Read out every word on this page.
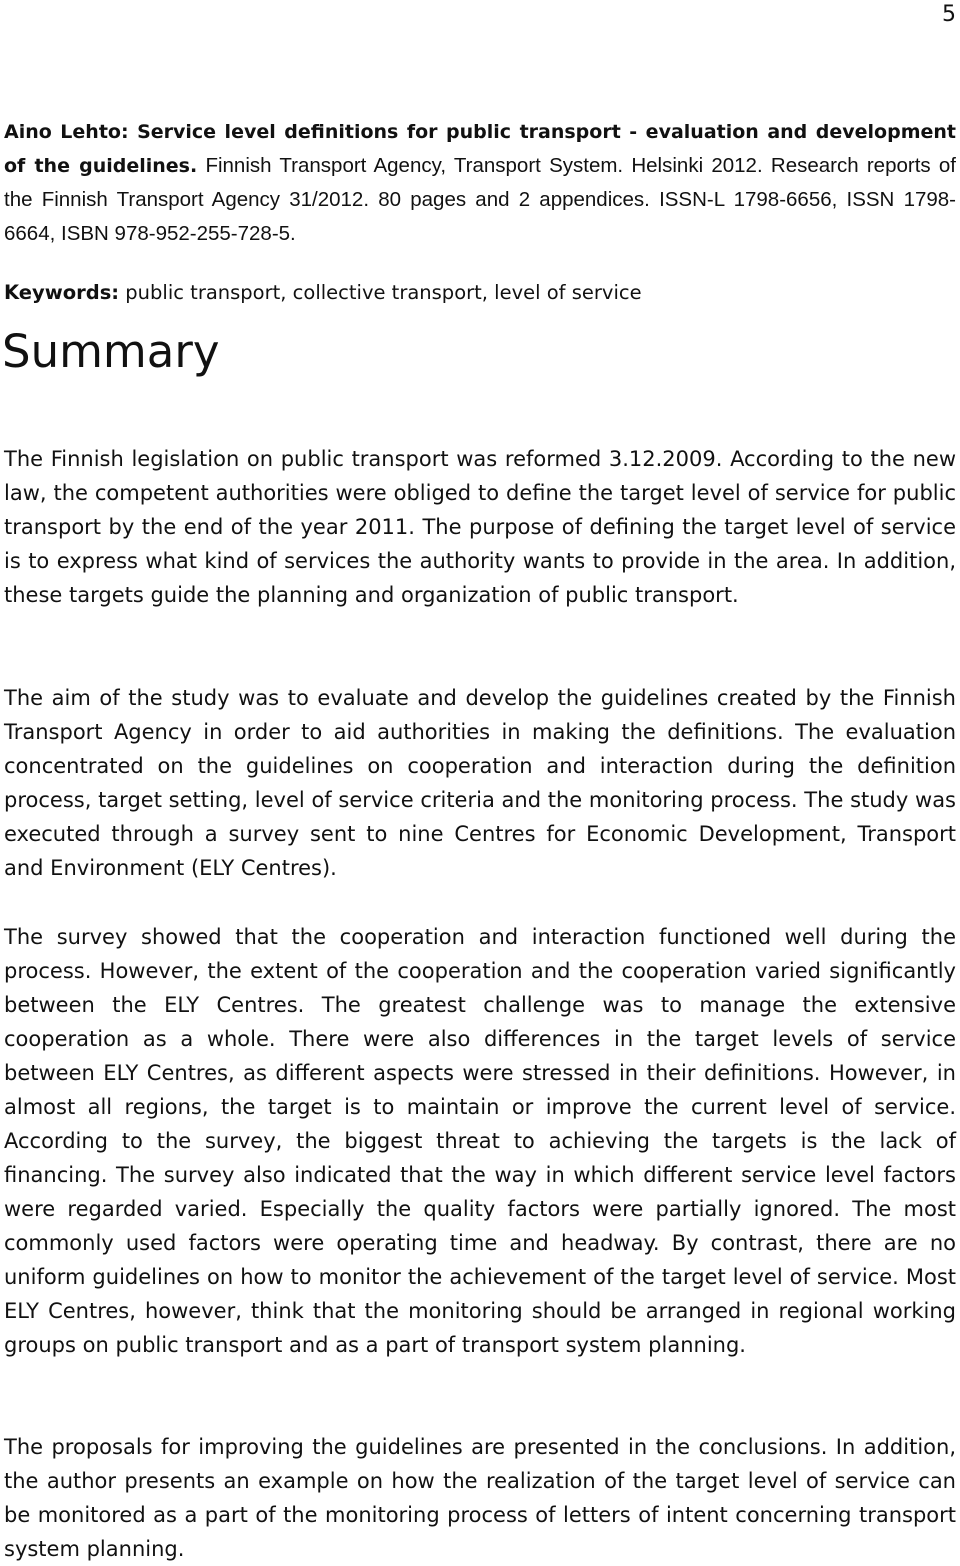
5

Aino Lehto: Service level definitions for public transport - evaluation and development of the guidelines. Finnish Transport Agency, Transport System. Helsinki 2012. Research reports of the Finnish Transport Agency 31/2012. 80 pages and 2 appendices. ISSN-L 1798-6656, ISSN 1798-6664, ISBN 978-952-255-728-5.

Keywords: public transport, collective transport, level of service

Summary

The Finnish legislation on public transport was reformed 3.12.2009. According to the new law, the competent authorities were obliged to define the target level of service for public transport by the end of the year 2011. The purpose of defining the target level of service is to express what kind of services the authority wants to provide in the area. In addition, these targets guide the planning and organization of public transport.

The aim of the study was to evaluate and develop the guidelines created by the Finnish Transport Agency in order to aid authorities in making the definitions. The evaluation concentrated on the guidelines on cooperation and interaction during the definition process, target setting, level of service criteria and the monitoring process. The study was executed through a survey sent to nine Centres for Economic Development, Transport and Environment (ELY Centres).

The survey showed that the cooperation and interaction functioned well during the process. However, the extent of the cooperation and the cooperation varied significantly between the ELY Centres. The greatest challenge was to manage the extensive cooperation as a whole. There were also differences in the target levels of service between ELY Centres, as different aspects were stressed in their definitions. However, in almost all regions, the target is to maintain or improve the current level of service. According to the survey, the biggest threat to achieving the targets is the lack of financing. The survey also indicated that the way in which different service level factors were regarded varied. Especially the quality factors were partially ignored. The most commonly used factors were operating time and headway. By contrast, there are no uniform guidelines on how to monitor the achievement of the target level of service. Most ELY Centres, however, think that the monitoring should be arranged in regional working groups on public transport and as a part of transport system planning.

The proposals for improving the guidelines are presented in the conclusions. In addition, the author presents an example on how the realization of the target level of service can be monitored as a part of the monitoring process of letters of intent concerning transport system planning.
